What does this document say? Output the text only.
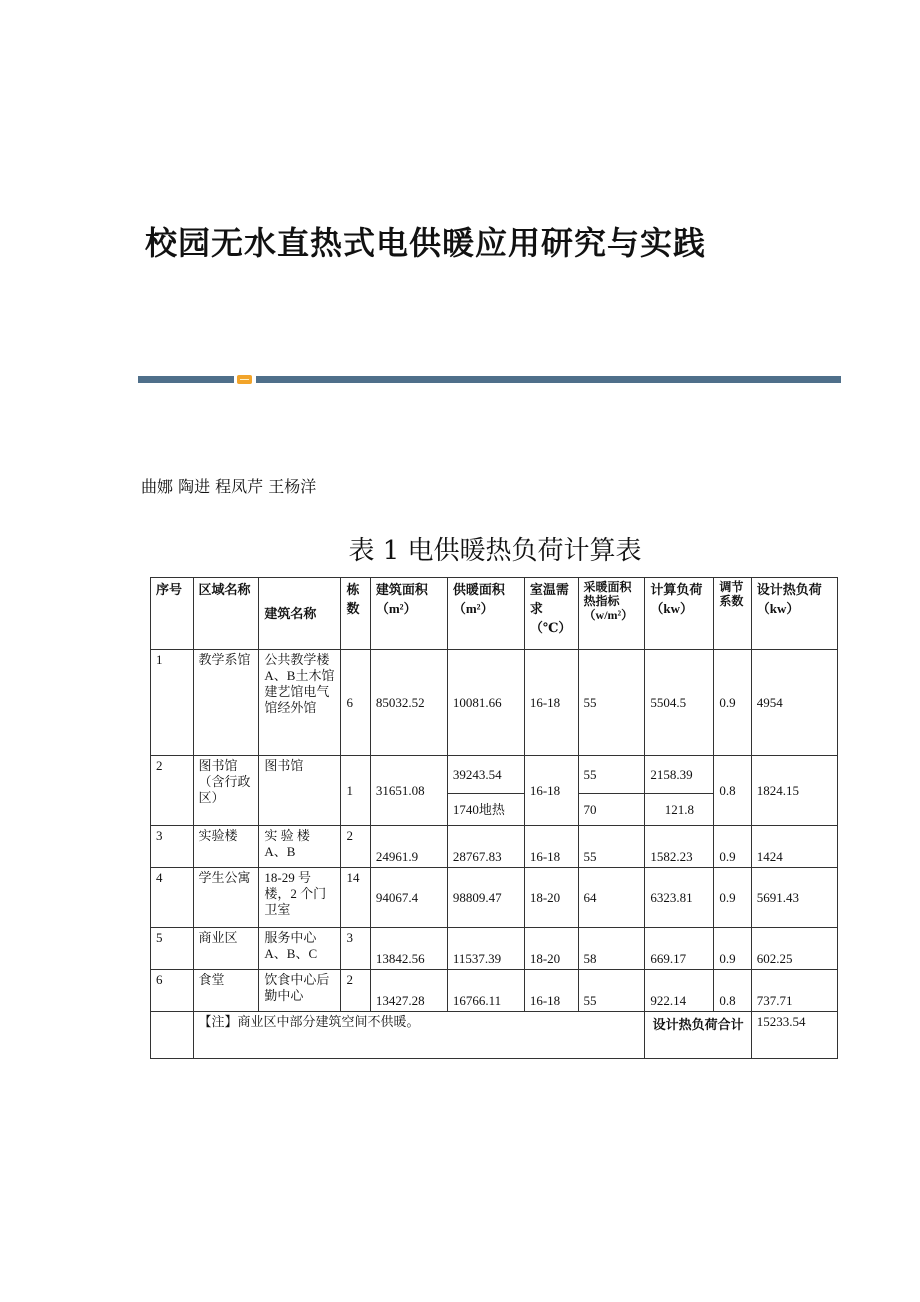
校园无水直热式电供暖应用研究与实践

曲娜 陶进 程凤芹 王杨洋

表 1 电供暖热负荷计算表

序号	区域名称	建筑名称	栋数	建筑面积（m²）	供暖面积（m²）	室温需求（℃）	采暖面积热指标（w/m²）	计算负荷（kw）	调节系数	设计热负荷（kw）
1	教学系馆	公共教学楼A、B土木馆建艺馆电气馆经外馆	6	85032.52	10081.66	16-18	55	5504.5	0.9	4954
2	图书馆（含行政区）	图书馆	1	31651.08	39243.54	16-18	55	2158.39	0.8	1824.15
					1740地热		70	121.8		
3	实验楼	实 验 楼 A、B	2	24961.9	28767.83	16-18	55	1582.23	0.9	1424
4	学生公寓	18-29 号楼，2 个门卫室	14	94067.4	98809.47	18-20	64	6323.81	0.9	5691.43
5	商业区	服务中心 A、B、C	3	13842.56	11537.39	18-20	58	669.17	0.9	602.25
6	食堂	饮食中心后勤中心	2	13427.28	16766.11	16-18	55	922.14	0.8	737.71
	【注】商业区中部分建筑空间不供暖。							设计热负荷合计		15233.54
